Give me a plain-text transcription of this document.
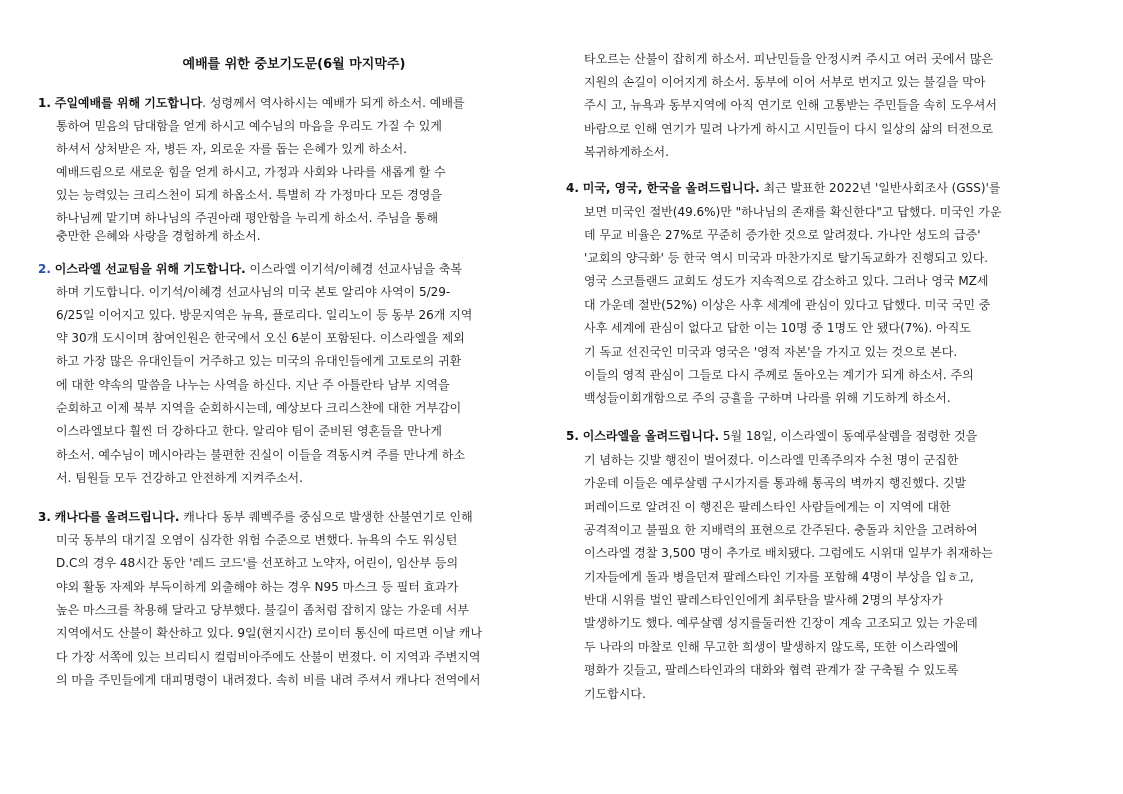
예배를 위한 중보기도문(6월 마지막주)
1. 주일예배를 위해 기도합니다. 성령께서 역사하시는 예배가 되게 하소서. 예배를
통하여 믿음의 담대함을 얻게 하시고 예수님의 마음을 우리도 가질 수 있게
하셔서 상처받은 자, 병든 자, 외로운 자를 돕는 은혜가 있게 하소서.
예배드림으로 새로운 힘을 얻게 하시고, 가정과 사회와 나라를 새롭게 할 수
있는 능력있는 크리스천이 되게 하옵소서. 특별히 각 가정마다 모든 경영을
하나님께 맡기며 하나님의 주권아래 평안함을 누리게 하소서. 주님을 통해
충만한 은혜와 사랑을 경험하게 하소서.
2. 이스라엘 선교팀을 위해 기도합니다. 이스라엘 이기석/이혜경 선교사님을 축복
하며 기도합니다. 이기석/이혜경 선교사님의 미국 본토 알리야 사역이 5/29-
6/25일 이어지고 있다. 방문지역은 뉴욕, 플로리다. 일리노이 등 동부 26개 지역
약 30개 도시이며 참여인원은 한국에서 오신 6분이 포함된다. 이스라엘을 제외
하고 가장 많은 유대인들이 거주하고 있는 미국의 유대인들에게 고토로의 귀환
에 대한 약속의 말씀을 나누는 사역을 하신다. 지난 주 아틀란타 남부 지역을
순회하고 이제 북부 지역을 순회하시는데, 예상보다 크리스챤에 대한 거부감이
이스라엘보다 훨씬 더 강하다고 한다. 알리야 팀이 준비된 영혼들을 만나게
하소서. 예수님이 메시아라는 불편한 진실이 이들을 격동시켜 주를 만나게 하소
서. 팀원들 모두 건강하고 안전하게 지켜주소서.
3. 캐나다를 올려드립니다. 캐나다 동부 퀘벡주를 중심으로 발생한 산불연기로 인해
미국 동부의 대기질 오염이 심각한 위험 수준으로 변했다. 뉴욕의 수도 워싱턴
D.C의 경우 48시간 동안 '레드 코드'를 선포하고 노약자, 어린이, 임산부 등의
야외 활동 자제와 부득이하게 외출해야 하는 경우 N95 마스크 등 필터 효과가
높은 마스크를 착용해 달라고 당부했다. 불길이 좀처럼 잡히지 않는 가운데 서부
지역에서도 산불이 확산하고 있다. 9일(현지시간) 로이터 통신에 따르면 이날 캐나
다 가장 서쪽에 있는 브리티시 컬럼비아주에도 산불이 번졌다. 이 지역과 주변지역
의 마을 주민들에게 대피명령이 내려졌다. 속히 비를 내려 주셔서 캐나다 전역에서
타오르는 산불이 잡히게 하소서. 피난민들을 안정시켜 주시고 여러 곳에서 많은
지원의 손길이 이어지게 하소서. 동부에 이어 서부로 번지고 있는 불길을 막아
주시 고, 뉴욕과 동부지역에 아직 연기로 인해 고통받는 주민들을 속히 도우셔서
바람으로 인해 연기가 밀려 나가게 하시고 시민들이 다시 일상의 삶의 터전으로
복귀하게하소서.
4. 미국, 영국, 한국을 올려드립니다. 최근 발표한 2022년 '일반사회조사 (GSS)'를
보면 미국인 절반(49.6%)만 "하나님의 존재를 확신한다"고 답했다. 미국인 가운
데 무교 비율은 27%로 꾸준히 증가한 것으로 알려졌다. 가나안 성도의 급증'
'교회의 양극화' 등 한국 역시 미국과 마찬가지로 탈기독교화가 진행되고 있다.
영국 스코틀랜드 교회도 성도가 지속적으로 감소하고 있다. 그러나 영국 MZ세
대 가운데 절반(52%) 이상은 사후 세계에 관심이 있다고 답했다. 미국 국민 중
사후 세계에 관심이 없다고 답한 이는 10명 중 1명도 안 됐다(7%). 아직도
기 독교 선진국인 미국과 영국은 '영적 자본'을 가지고 있는 것으로 본다.
이들의 영적 관심이 그들로 다시 주께로 돌아오는 계기가 되게 하소서. 주의
백성들이회개함으로 주의 긍휼을 구하며 나라를 위해 기도하게 하소서.
5. 이스라엘을 올려드립니다. 5월 18일, 이스라엘이 동예루살렘을 점령한 것을
기 념하는 깃발 행진이 벌어졌다. 이스라엘 민족주의자 수천 명이 군집한
가운데 이들은 예루살렘 구시가지를 통과해 통곡의 벽까지 행진했다. 깃발
퍼레이드로 알려진 이 행진은 팔레스타인 사람들에게는 이 지역에 대한
공격적이고 불필요 한 지배력의 표현으로 간주된다. 충돌과 치안을 고려하여
이스라엘 경찰 3,500 명이 추가로 배치됐다. 그럼에도 시위대 일부가 취재하는
기자들에게 돌과 병을던져 팔레스타인 기자를 포함해 4명이 부상을 입ㅎ고,
반대 시위를 벌인 팔레스타인인에게 최루탄을 발사해 2명의 부상자가
발생하기도 했다. 예루살렘 성지를둘러싼 긴장이 계속 고조되고 있는 가운데
두 나라의 마찰로 인해 무고한 희생이 발생하지 않도록, 또한 이스라엘에
평화가 깃들고, 팔레스타인과의 대화와 협력 관계가 잘 구축될 수 있도록
기도합시다.
